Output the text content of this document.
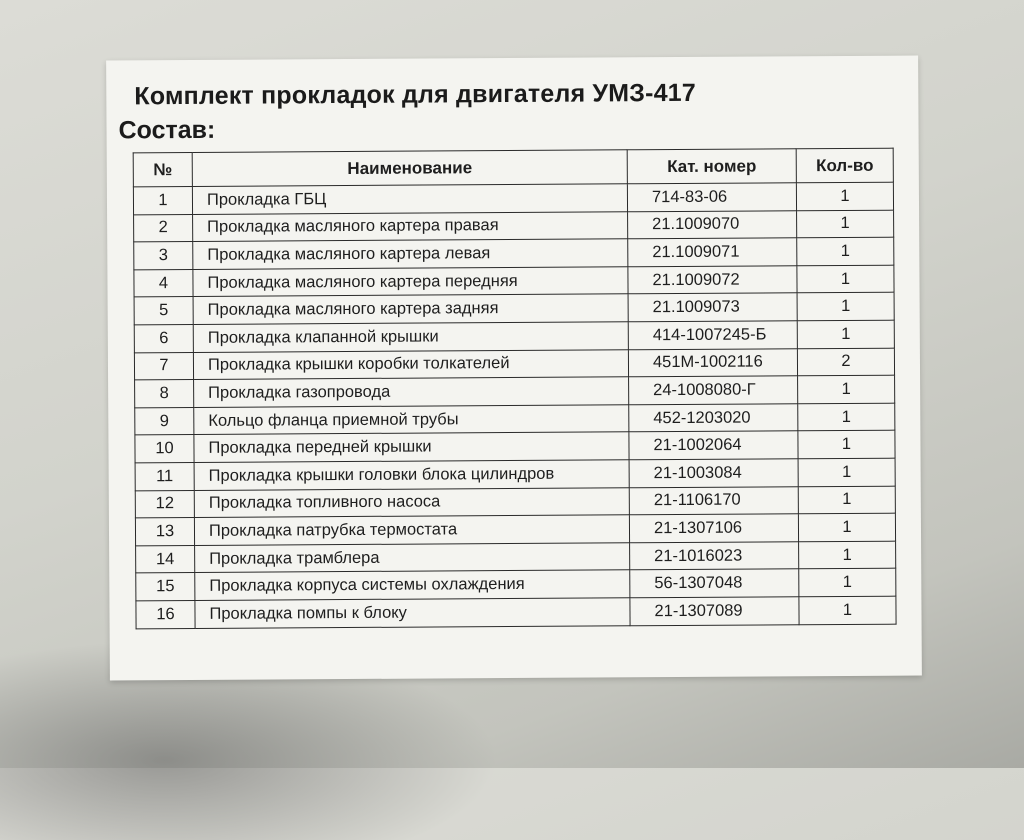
Комплект прокладок для двигателя УМЗ-417
Состав:
№	Наименование	Кат. номер	Кол-во
1	Прокладка ГБЦ	714-83-06	1
2	Прокладка масляного картера правая	21.1009070	1
3	Прокладка масляного картера левая	21.1009071	1
4	Прокладка масляного картера передняя	21.1009072	1
5	Прокладка масляного картера задняя	21.1009073	1
6	Прокладка клапанной крышки	414-1007245-Б	1
7	Прокладка крышки коробки толкателей	451М-1002116	2
8	Прокладка газопровода	24-1008080-Г	1
9	Кольцо фланца приемной трубы	452-1203020	1
10	Прокладка передней крышки	21-1002064	1
11	Прокладка крышки головки блока цилиндров	21-1003084	1
12	Прокладка топливного насоса	21-1106170	1
13	Прокладка патрубка термостата	21-1307106	1
14	Прокладка трамблера	21-1016023	1
15	Прокладка корпуса системы охлаждения	56-1307048	1
16	Прокладка помпы к блоку	21-1307089	1
